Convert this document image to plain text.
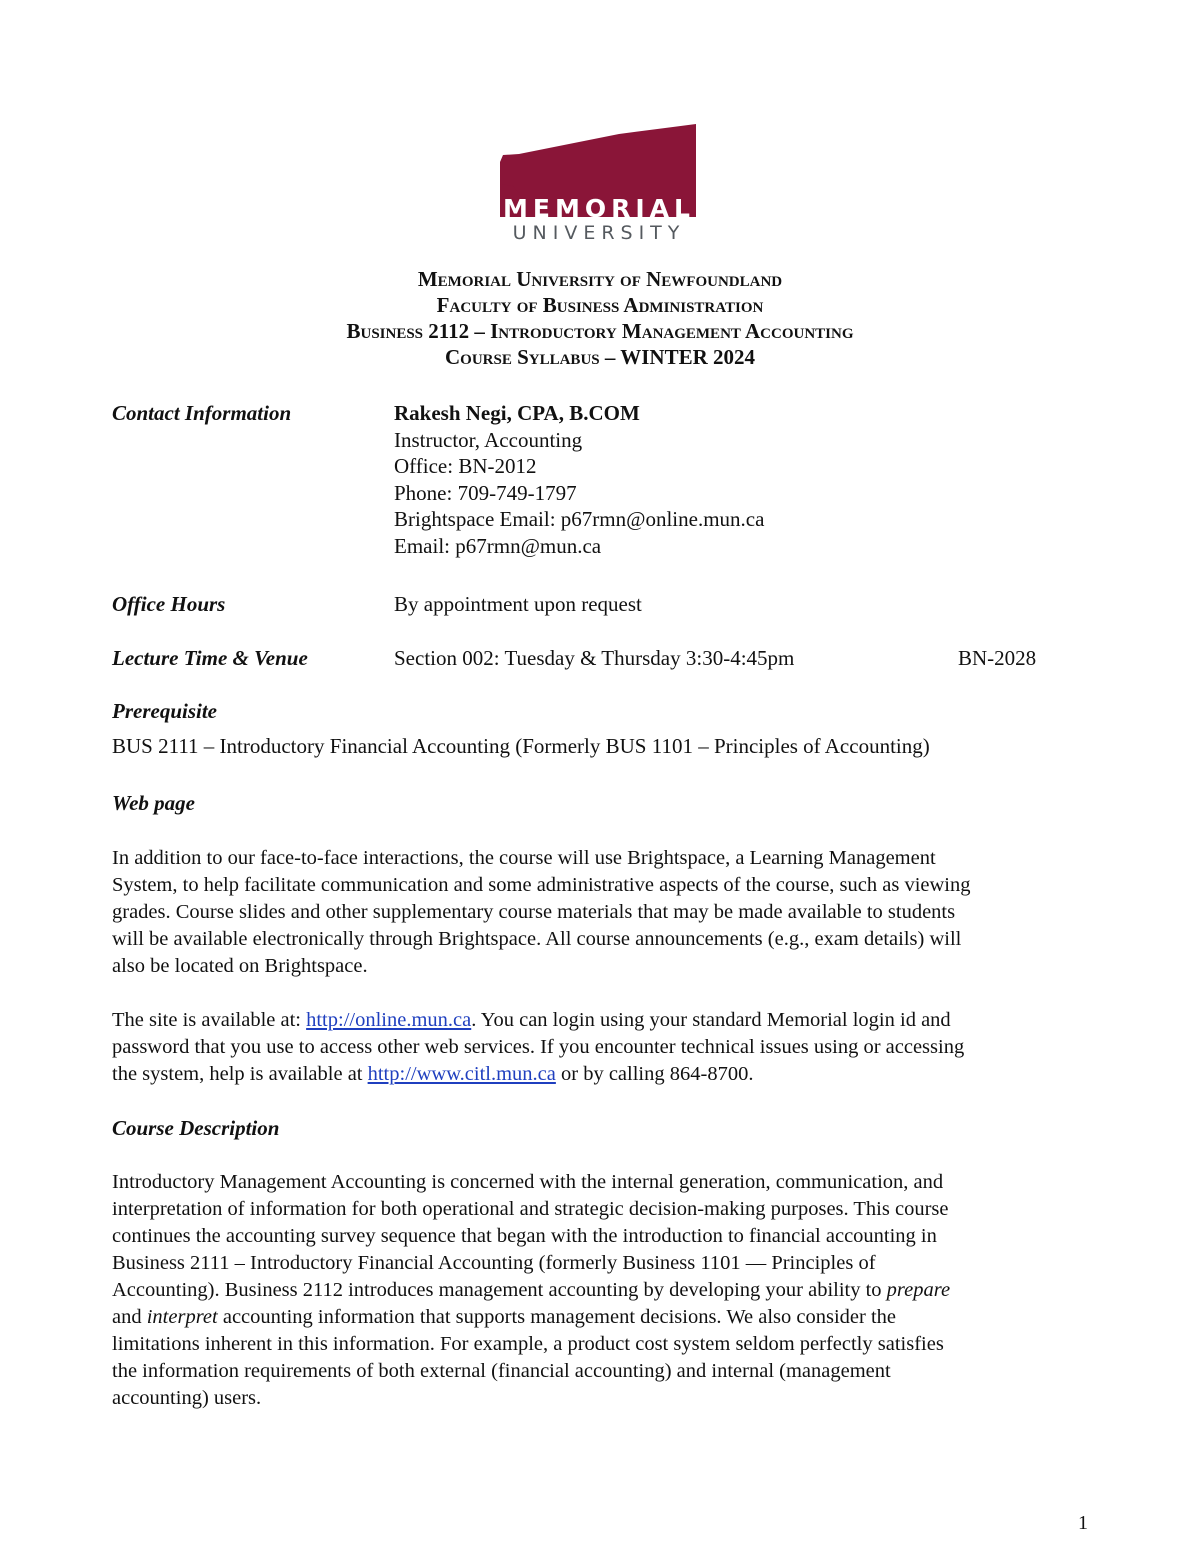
MEMORIAL
UNIVERSITY
Memorial University of Newfoundland
Faculty of Business Administration
Business 2112 – Introductory Management Accounting
Course Syllabus – WINTER 2024
Contact Information	Rakesh Negi, CPA, B.COM
Instructor, Accounting
Office: BN-2012
Phone: 709-749-1797
Brightspace Email: p67rmn@online.mun.ca
Email: p67rmn@mun.ca
Office Hours	By appointment upon request
Lecture Time & Venue	Section 002: Tuesday & Thursday 3:30-4:45pm	BN-2028
Prerequisite
BUS 2111 – Introductory Financial Accounting (Formerly BUS 1101 – Principles of Accounting)
Web page
In addition to our face-to-face interactions, the course will use Brightspace, a Learning Management
System, to help facilitate communication and some administrative aspects of the course, such as viewing
grades. Course slides and other supplementary course materials that may be made available to students
will be available electronically through Brightspace. All course announcements (e.g., exam details) will
also be located on Brightspace.
The site is available at: http://online.mun.ca. You can login using your standard Memorial login id and
password that you use to access other web services. If you encounter technical issues using or accessing
the system, help is available at http://www.citl.mun.ca or by calling 864-8700.
Course Description
Introductory Management Accounting is concerned with the internal generation, communication, and
interpretation of information for both operational and strategic decision-making purposes. This course
continues the accounting survey sequence that began with the introduction to financial accounting in
Business 2111 – Introductory Financial Accounting (formerly Business 1101 — Principles of
Accounting). Business 2112 introduces management accounting by developing your ability to prepare
and interpret accounting information that supports management decisions. We also consider the
limitations inherent in this information. For example, a product cost system seldom perfectly satisfies
the information requirements of both external (financial accounting) and internal (management
accounting) users.
1
